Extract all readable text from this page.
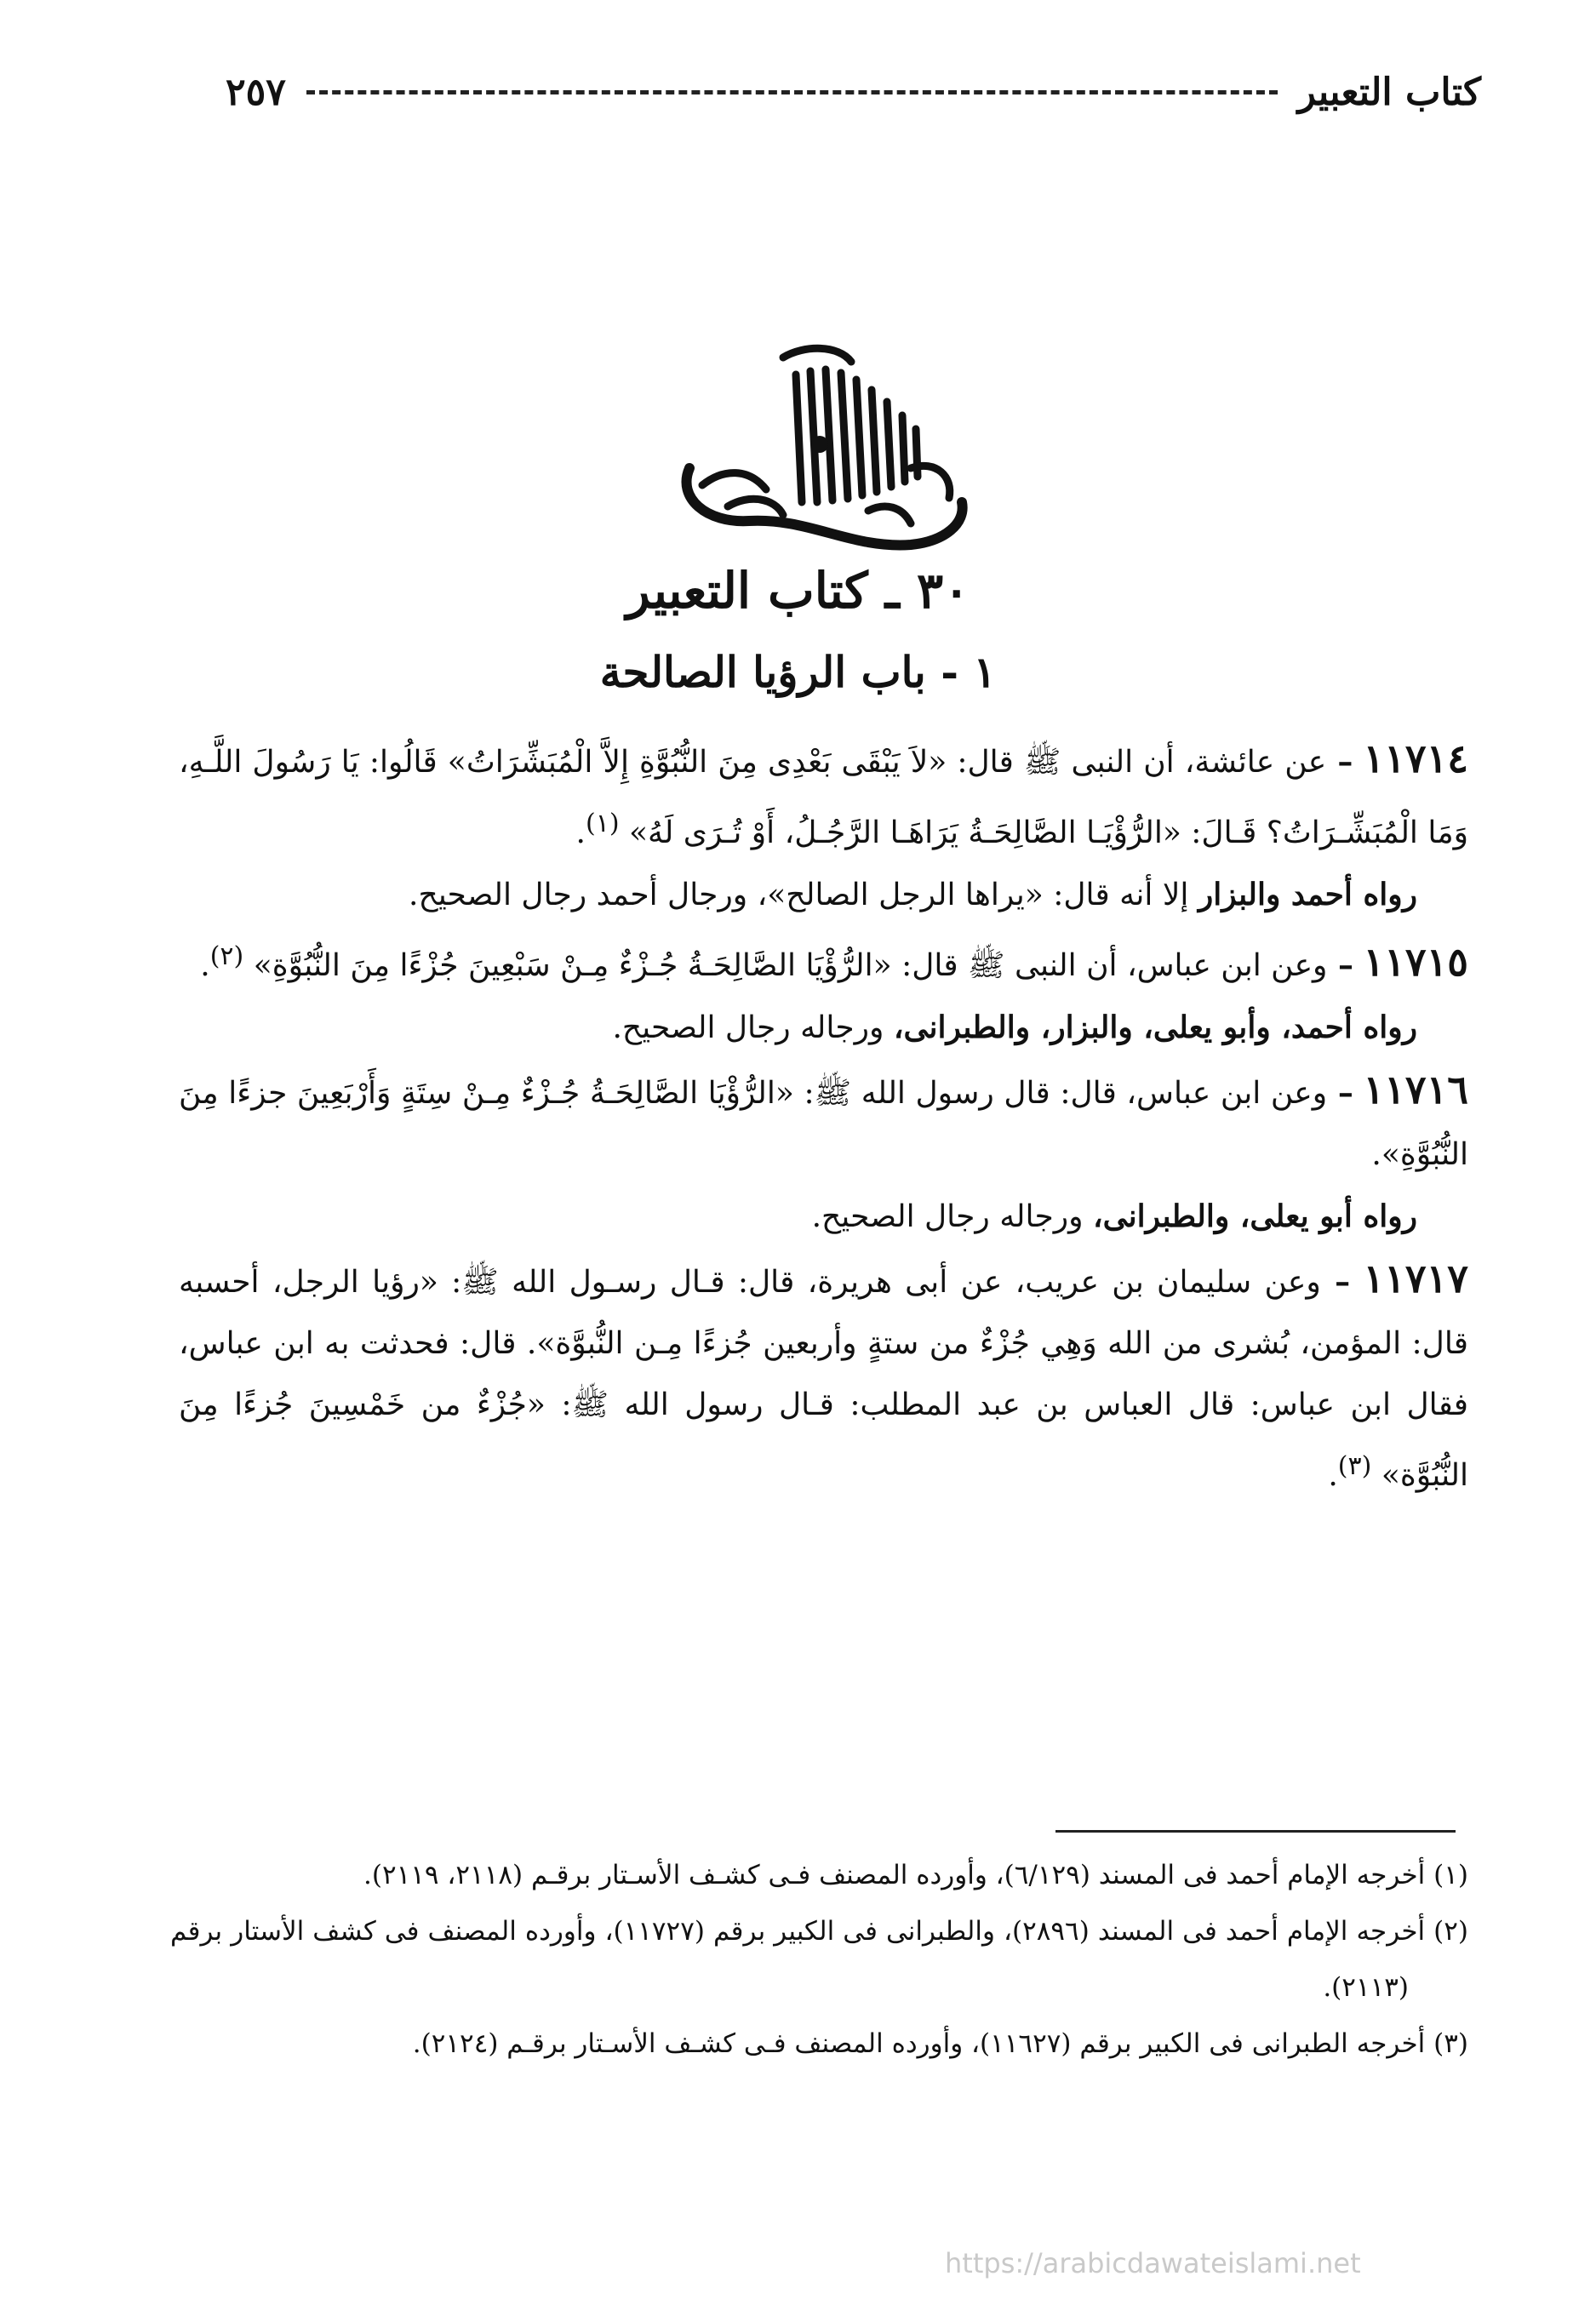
كتاب التعبير
٢٥٧
بسم الله الرحمن الرحيم
٣٠ ـ كتاب التعبير
١ - باب الرؤيا الصالحة

١١٧١٤ – عن عائشة، أن النبى ﷺ قال: «لاَ يَبْقَى بَعْدِى مِنَ النُّبُوَّةِ إِلاَّ الْمُبَشِّرَاتُ» قَالُوا: يَا رَسُولَ اللَّـهِ، وَمَا الْمُبَشِّـرَاتُ؟ قَـالَ: «الرُّؤْيَـا الصَّالِحَـةُ يَرَاهَـا الرَّجُـلُ، أَوْ تُـرَى لَهُ» $^{(١)}$.

رواه أحمد والبزار إلا أنه قال: «يراها الرجل الصالح»، ورجال أحمد رجال الصحيح.

١١٧١٥ – وعن ابن عباس، أن النبى ﷺ قال: «الرُّؤْيَا الصَّالِحَـةُ جُـزْءٌ مِـنْ سَبْعِينَ جُزْءًا مِنَ النُّبُوَّةِ» $^{(٢)}$.

رواه أحمد، وأبو يعلى، والبزار، والطبرانى، ورجاله رجال الصحيح.

١١٧١٦ – وعن ابن عباس، قال: قال رسول الله ﷺ: «الرُّؤْيَا الصَّالِحَـةُ جُـزْءٌ مِـنْ سِتَةٍ وَأَرْبَعِينَ جزءًا مِنَ النُّبُوَّةِ».

رواه أبو يعلى، والطبرانى، ورجاله رجال الصحيح.

١١٧١٧ – وعن سليمان بن عريب، عن أبى هريرة، قال: قـال رسـول الله ﷺ: «رؤيا الرجل، أحسبه قال: المؤمن، بُشرى من الله وَهِي جُزْءٌ من ستةٍ وأربعين جُزءًا مِـن النُّبوَّة». قال: فحدثت به ابن عباس، فقال ابن عباس: قال العباس بن عبد المطلب: قـال رسول الله ﷺ: «جُزْءٌ من خَمْسِينَ جُزءًا مِنَ النُّبُوَّة» $^{(٣)}$.

(١) أخرجه الإمام أحمد فى المسند (٦/١٢٩)، وأورده المصنف فـى كشـف الأسـتار برقـم (٢١١٨، ٢١١٩).

(٢) أخرجه الإمام أحمد فى المسند (٢٨٩٦)، والطبرانى فى الكبير برقم (١١٧٢٧)، وأورده المصنف فى كشف الأستار برقم (٢١١٣).

(٣) أخرجه الطبرانى فى الكبير برقم (١١٦٢٧)، وأورده المصنف فـى كشـف الأسـتار برقـم (٢١٢٤).

https://arabicdawateislami.net
